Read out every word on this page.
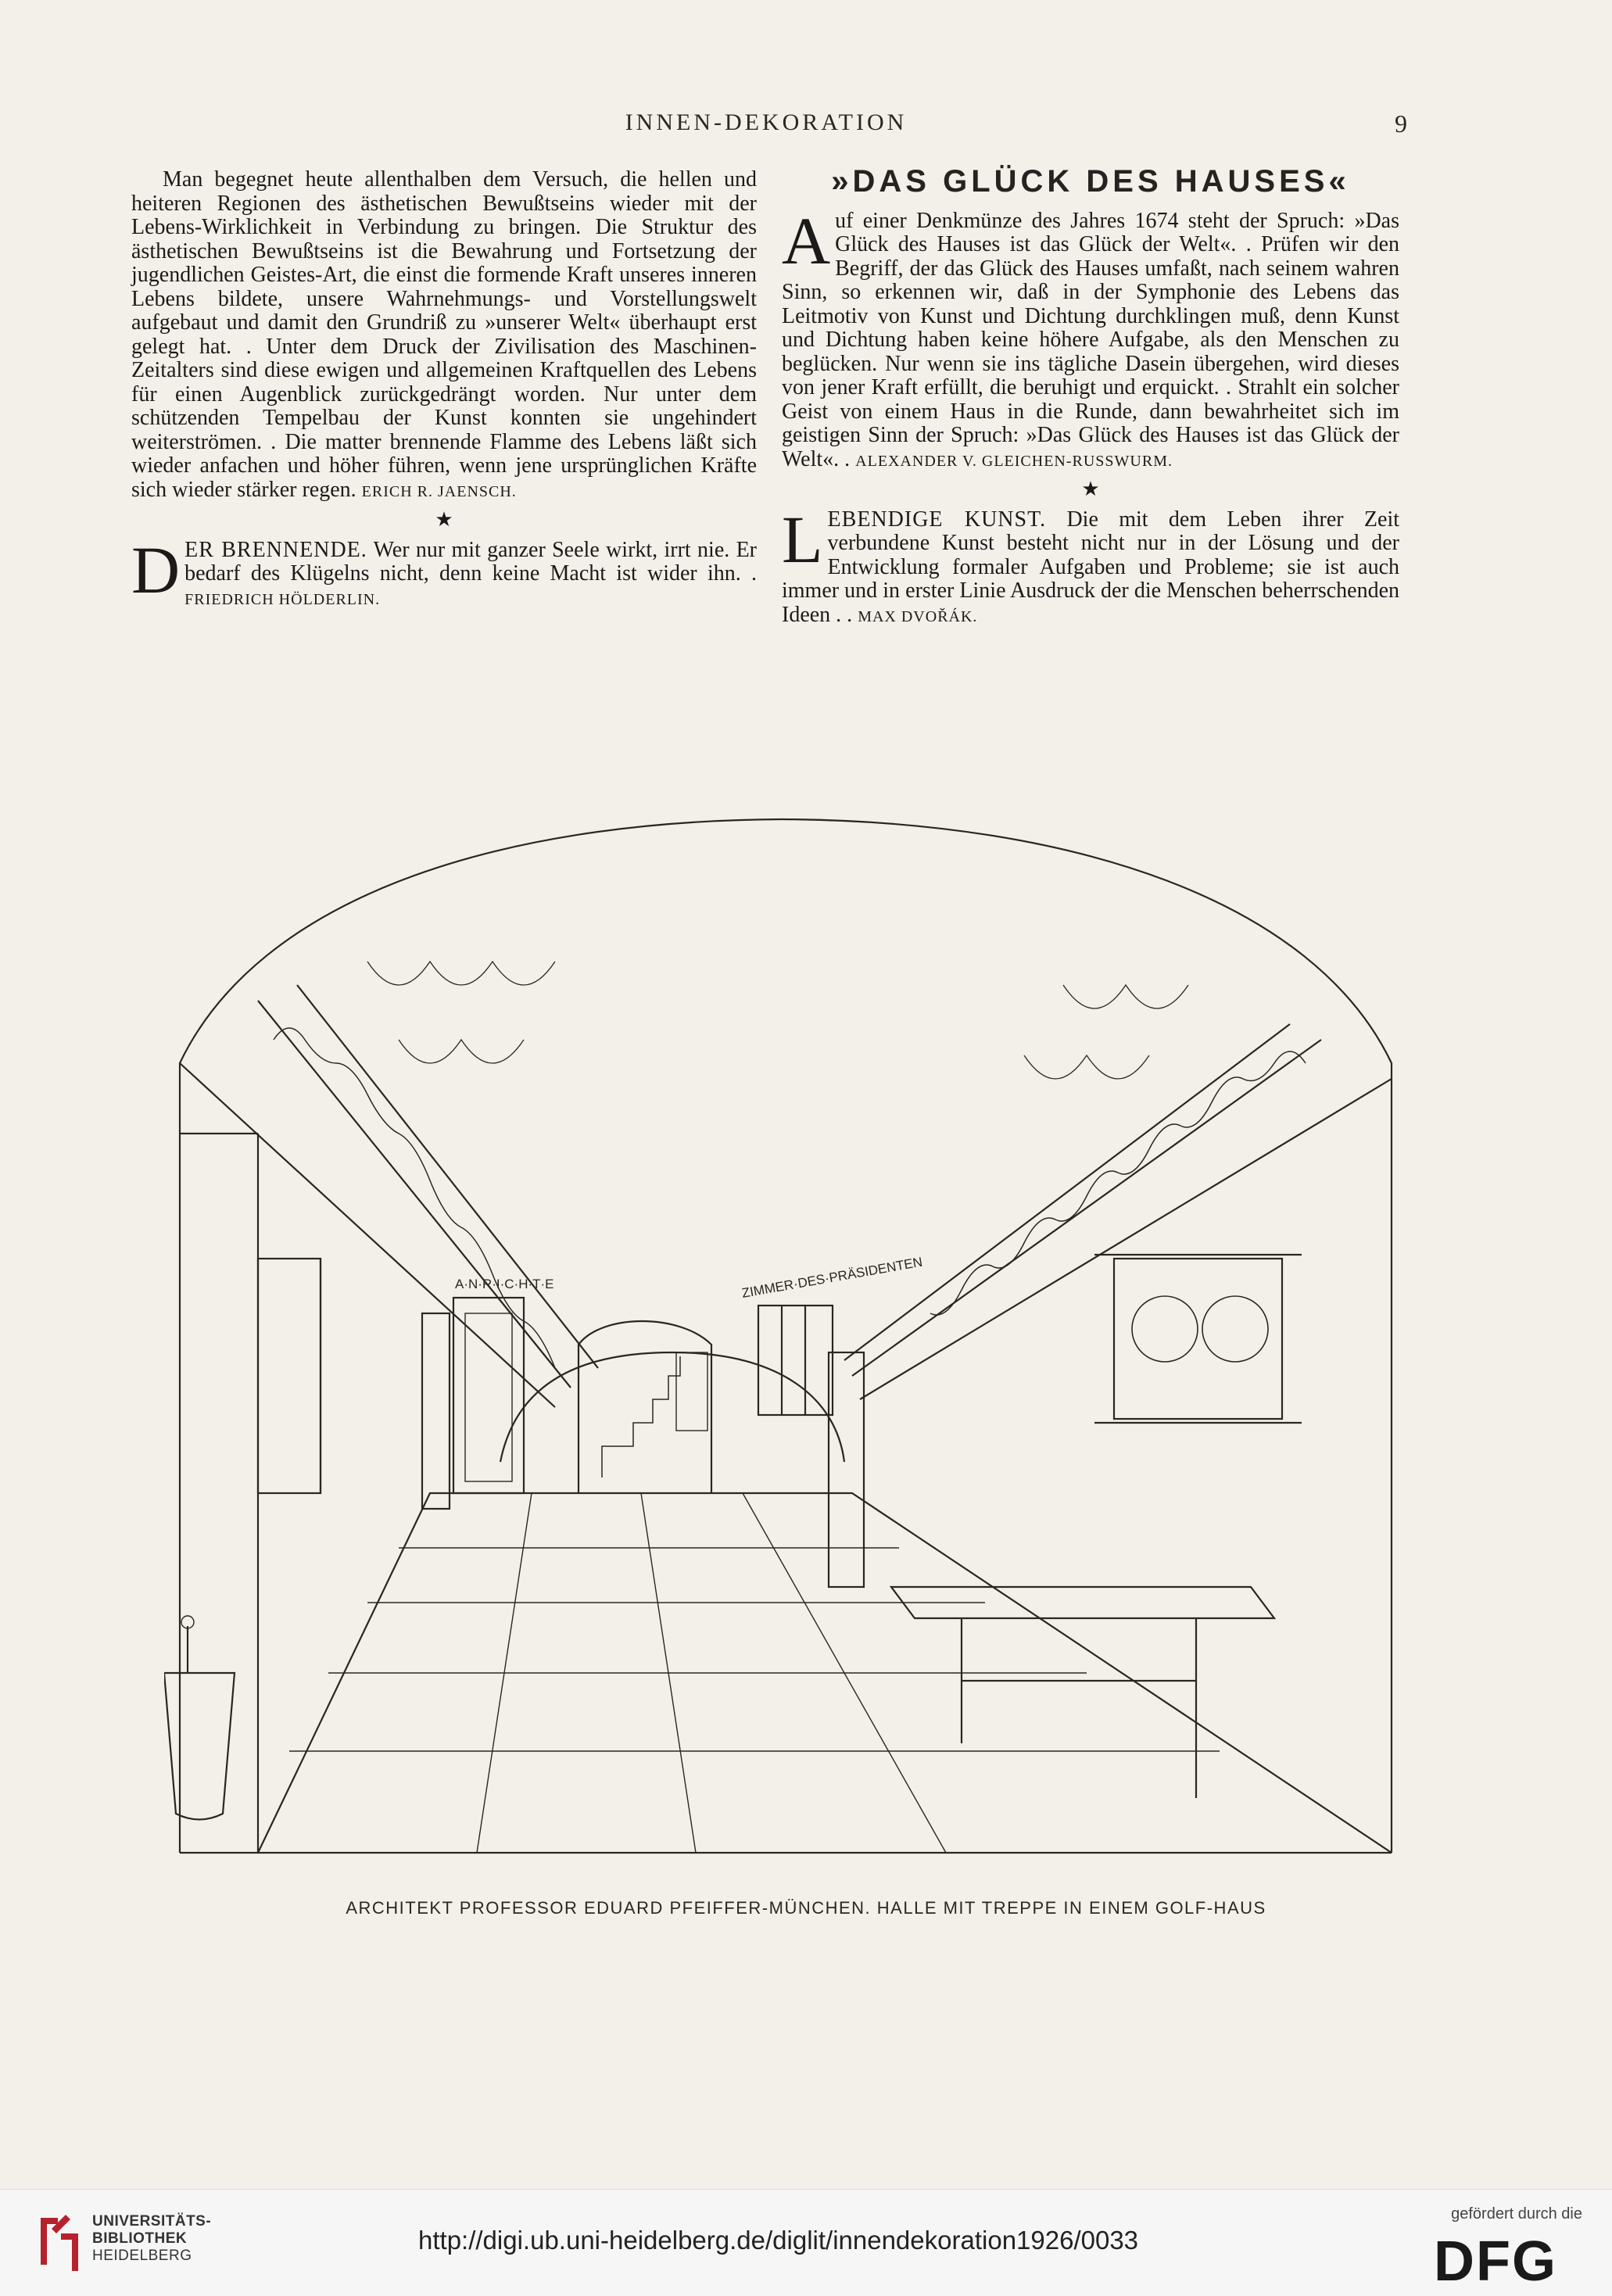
INNEN-DEKORATION	9

Man begegnet heute allenthalben dem Versuch, die hellen und heiteren Regionen des ästhetischen Bewußtseins wieder mit der Lebens-Wirklichkeit in Verbindung zu bringen. Die Struktur des ästhetischen Bewußtseins ist die Bewahrung und Fortsetzung der jugendlichen Geistes-Art, die einst die formende Kraft unseres inneren Lebens bildete, unsere Wahrnehmungs- und Vorstellungswelt aufgebaut und damit den Grundriß zu »unserer Welt« überhaupt erst gelegt hat. . Unter dem Druck der Zivilisation des Maschinen-Zeitalters sind diese ewigen und allgemeinen Kraftquellen des Lebens für einen Augenblick zurückgedrängt worden. Nur unter dem schützenden Tempelbau der Kunst konnten sie ungehindert weiterströmen. . Die matter brennende Flamme des Lebens läßt sich wieder anfachen und höher führen, wenn jene ursprünglichen Kräfte sich wieder stärker regen. ERICH R. JAENSCH.

★

D ER BRENNENDE. Wer nur mit ganzer Seele wirkt, irrt nie. Er bedarf des Klügelns nicht, denn keine Macht ist wider ihn. . FRIEDRICH HÖLDERLIN.

»DAS GLÜCK DES HAUSES«

A uf einer Denkmünze des Jahres 1674 steht der Spruch: »Das Glück des Hauses ist das Glück der Welt«. . Prüfen wir den Begriff, der das Glück des Hauses umfaßt, nach seinem wahren Sinn, so erkennen wir, daß in der Symphonie des Lebens das Leitmotiv von Kunst und Dichtung durchklingen muß, denn Kunst und Dichtung haben keine höhere Aufgabe, als den Menschen zu beglücken. Nur wenn sie ins tägliche Dasein übergehen, wird dieses von jener Kraft erfüllt, die beruhigt und erquickt. . Strahlt ein solcher Geist von einem Haus in die Runde, dann bewahrheitet sich im geistigen Sinn der Spruch: »Das Glück des Hauses ist das Glück der Welt«. . ALEXANDER V. GLEICHEN-RUSSWURM.

★

L EBENDIGE KUNST. Die mit dem Leben ihrer Zeit verbundene Kunst besteht nicht nur in der Lösung und der Entwicklung formaler Aufgaben und Probleme; sie ist auch immer und in erster Linie Ausdruck der die Menschen beherrschenden Ideen . . MAX DVOŘÁK.

A·N·R·I·C·H·T·E	ZIMMER·DES·PRÄSIDENTEN
ARCHITEKT PROFESSOR EDUARD PFEIFFER-MÜNCHEN. HALLE MIT TREPPE IN EINEM GOLF-HAUS
UNIVERSITÄTS-
BIBLIOTHEK
HEIDELBERG
http://digi.ub.uni-heidelberg.de/diglit/innendekoration1926/0033
gefördert durch die
DFG
